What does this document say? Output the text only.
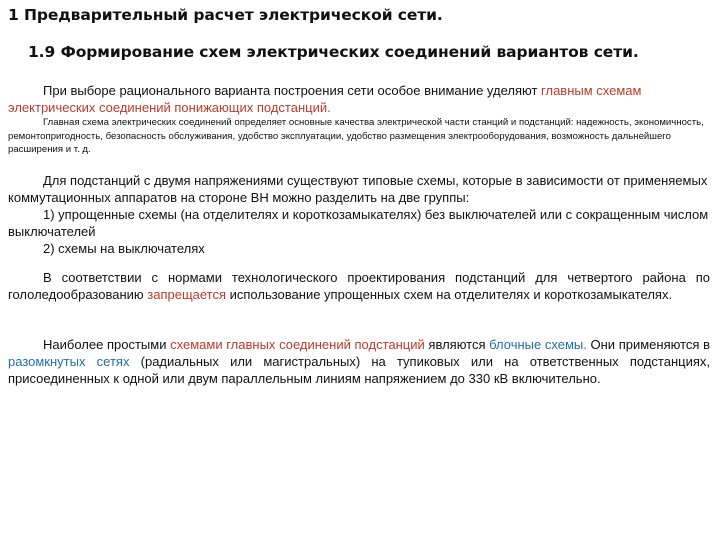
1 Предварительный расчет электрической сети.
1.9 Формирование схем электрических соединений вариантов сети.
При выборе рационального варианта построения сети особое внимание уделяют главным схемам электрических соединений понижающих подстанций.
Главная схема электрических соединений определяет основные качества электрической части станций и подстанций: надежность, экономичность, ремонтопригодность, безопасность обслуживания, удобство эксплуатации, удобство размещения электрооборудования, возможность дальнейшего расширения и т. д.
Для подстанций с двумя напряжениями существуют типовые схемы, которые в зависимости от применяемых коммутационных аппаратов на стороне ВН можно разделить на две группы:
1) упрощенные схемы (на отделителях и короткозамыкателях) без выключателей или с сокращенным числом выключателей
2) схемы на выключателях
В соответствии с нормами технологического проектирования подстанций для четвертого района по гололедообразованию запрещается использование упрощенных схем на отделителях и короткозамыкателях.
Наиболее простыми схемами главных соединений подстанций являются блочные схемы. Они применяются в разомкнутых сетях (радиальных или магистральных) на тупиковых или на ответственных подстанциях, присоединенных к одной или двум параллельным линиям напряжением до 330 кВ включительно.
